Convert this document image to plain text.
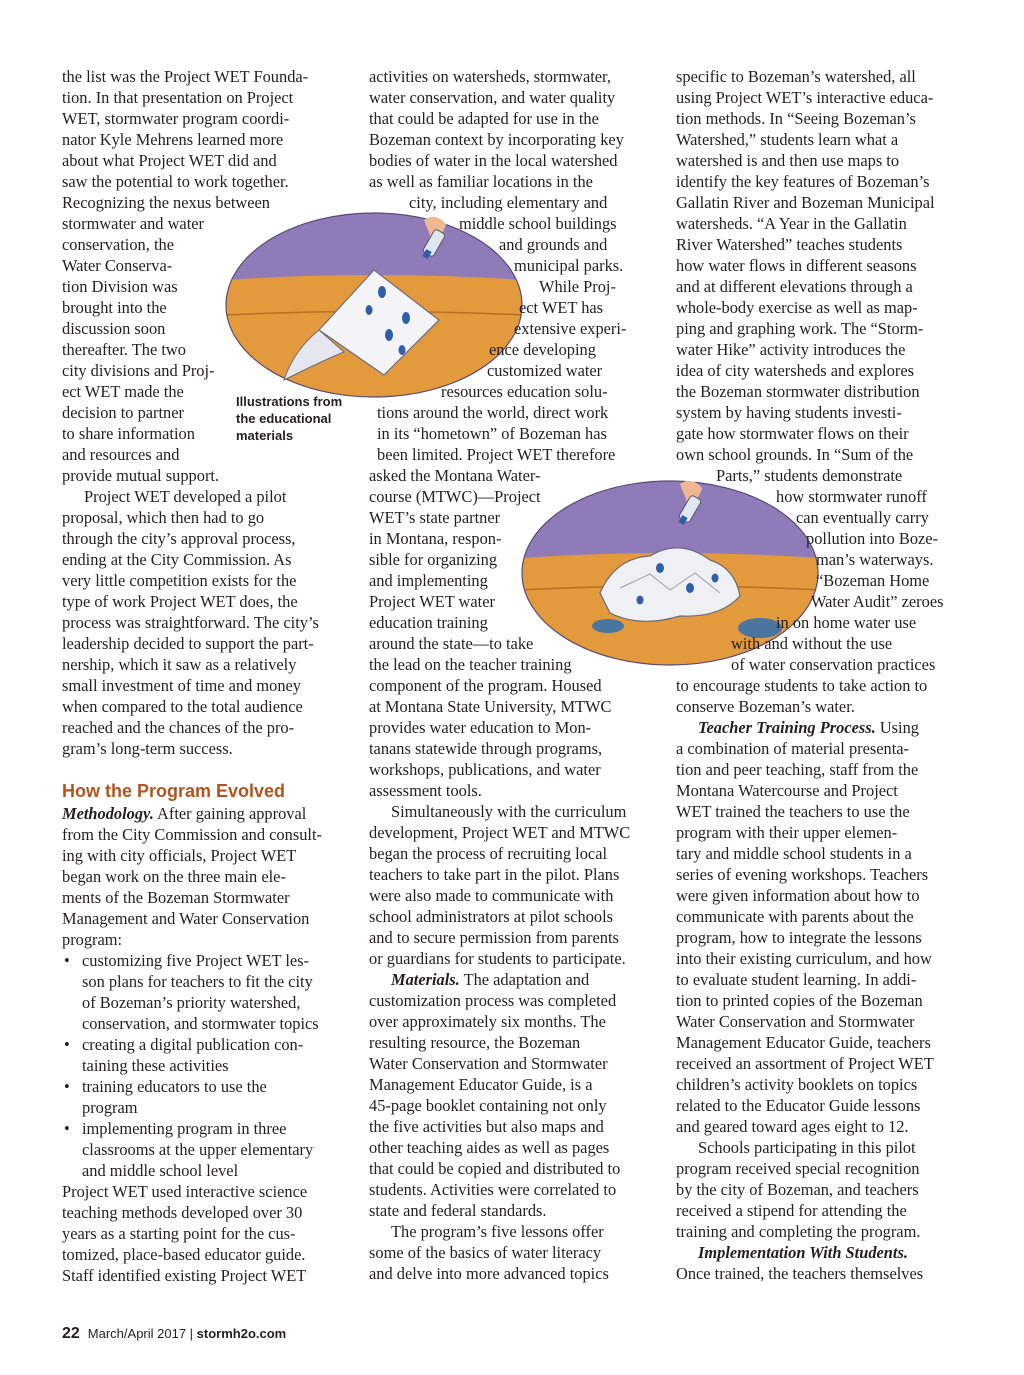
the list was the Project WET Founda-
tion. In that presentation on Project
WET, stormwater program coordi-
nator Kyle Mehrens learned more
about what Project WET did and
saw the potential to work together.
Recognizing the nexus between
stormwater and water
conservation, the
Water Conserva-
tion Division was
brought into the
discussion soon
thereafter. The two
city divisions and Proj-
ect WET made the
decision to partner
to share information
and resources and
provide mutual support.

Project WET developed a pilot
proposal, which then had to go
through the city’s approval process,
ending at the City Commission. As
very little competition exists for the
type of work Project WET does, the
process was straightforward. The city’s
leadership decided to support the part-
nership, which it saw as a relatively
small investment of time and money
when compared to the total audience
reached and the chances of the pro-
gram’s long-term success.

How the Program Evolved

Methodology. After gaining approval
from the City Commission and consult-
ing with city officials, Project WET
began work on the three main ele-
ments of the Bozeman Stormwater
Management and Water Conservation
program:

• customizing five Project WET les-
son plans for teachers to fit the city
of Bozeman’s priority watershed,
conservation, and stormwater topics
• creating a digital publication con-
taining these activities
• training educators to use the
program
• implementing program in three
classrooms at the upper elementary
and middle school level

Project WET used interactive science
teaching methods developed over 30
years as a starting point for the cus-
tomized, place-based educator guide.
Staff identified existing Project WET

Illustrations from
the educational
materials

activities on watersheds, stormwater,
water conservation, and water quality
that could be adapted for use in the
Bozeman context by incorporating key
bodies of water in the local watershed
as well as familiar locations in the
city, including elementary and
middle school buildings
and grounds and
municipal parks.

While Proj-
ect WET has
extensive experi-
ence developing
customized water
resources education solu-
tions around the world, direct work
in its “hometown” of Bozeman has
been limited. Project WET therefore
asked the Montana Water-
course (MTWC)—Project
WET’s state partner
in Montana, respon-
sible for organizing
and implementing
Project WET water
education training
around the state—to take
the lead on the teacher training
component of the program. Housed
at Montana State University, MTWC
provides water education to Mon-
tanans statewide through programs,
workshops, publications, and water
assessment tools.

Simultaneously with the curriculum
development, Project WET and MTWC
began the process of recruiting local
teachers to take part in the pilot. Plans
were also made to communicate with
school administrators at pilot schools
and to secure permission from parents
or guardians for students to participate.

Materials. The adaptation and
customization process was completed
over approximately six months. The
resulting resource, the Bozeman
Water Conservation and Stormwater
Management Educator Guide, is a
45-page booklet containing not only
the five activities but also maps and
other teaching aides as well as pages
that could be copied and distributed to
students. Activities were correlated to
state and federal standards.

The program’s five lessons offer
some of the basics of water literacy
and delve into more advanced topics

specific to Bozeman’s watershed, all
using Project WET’s interactive educa-
tion methods. In “Seeing Bozeman’s
Watershed,” students learn what a
watershed is and then use maps to
identify the key features of Bozeman’s
Gallatin River and Bozeman Municipal
watersheds. “A Year in the Gallatin
River Watershed” teaches students
how water flows in different seasons
and at different elevations through a
whole-body exercise as well as map-
ping and graphing work. The “Storm-
water Hike” activity introduces the
idea of city watersheds and explores
the Bozeman stormwater distribution
system by having students investi-
gate how stormwater flows on their
own school grounds. In “Sum of the
Parts,” students demonstrate
how stormwater runoff
can eventually carry
pollution into Boze-
man’s waterways.
“Bozeman Home
Water Audit” zeroes
in on home water use
with and without the use
of water conservation practices
to encourage students to take action to
conserve Bozeman’s water.

Teacher Training Process. Using
a combination of material presenta-
tion and peer teaching, staff from the
Montana Watercourse and Project
WET trained the teachers to use the
program with their upper elemen-
tary and middle school students in a
series of evening workshops. Teachers
were given information about how to
communicate with parents about the
program, how to integrate the lessons
into their existing curriculum, and how
to evaluate student learning. In addi-
tion to printed copies of the Bozeman
Water Conservation and Stormwater
Management Educator Guide, teachers
received an assortment of Project WET
children’s activity booklets on topics
related to the Educator Guide lessons
and geared toward ages eight to 12.

Schools participating in this pilot
program received special recognition
by the city of Bozeman, and teachers
received a stipend for attending the
training and completing the program.

Implementation With Students.
Once trained, the teachers themselves

22 March/April 2017 | stormh2o.com
